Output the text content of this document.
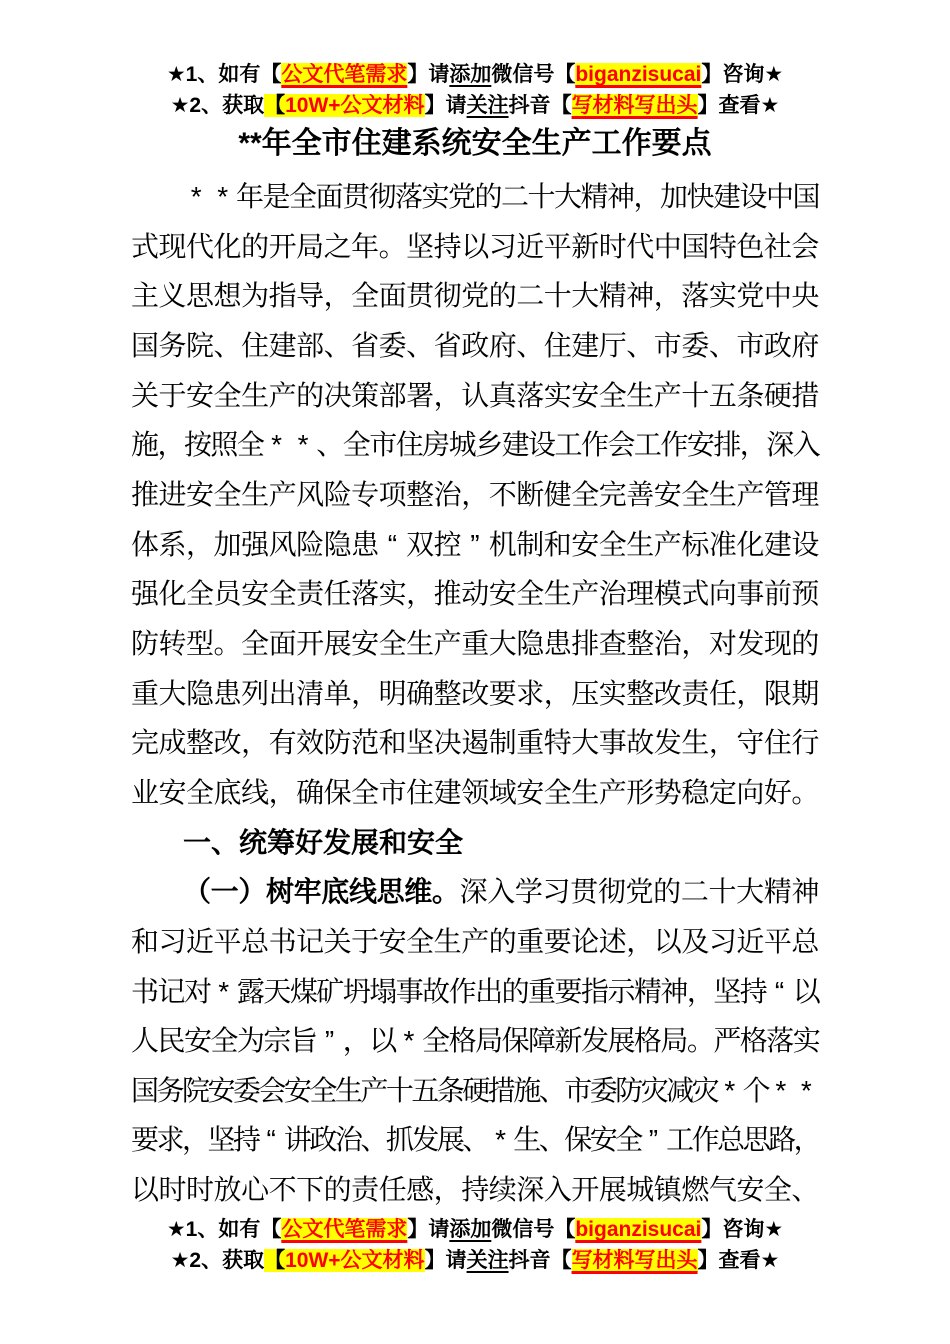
★1、如有【公文代笔需求】请添加微信号【biganzisucai】咨询★
★2、获取【10W+公文材料】请关注抖音【写材料写出头】查看★
**年全市住建系统安全生产工作要点
* * 年
是
全
面
贯
彻
落
实
党
的
二
十
大
精
神
，
加
快
建
设
中
国
式 现 代 化 的 开 局 之 年 。 坚 持 以 习 近 平 新 时 代 中 国 特 色 社 会
主 义 思 想 为 指 导 ， 全 面 贯 彻 党 的 二 十 大 精 神 ， 落 实 党 中 央
国 务 院 、 住 建 部 、 省 委 、 省 政 府 、 住 建 厅 、 市 委 、 市 政 府
关 于 安 全 生 产 的 决 策 部 署 ， 认 真 落 实 安 全 生 产 十 五 条 硬 措
施
，
按
照
全 * * 、
全
市
住
房
城
乡
建
设
工
作
会
工
作
安
排
，
深
入
推 进 安 全 生 产 风 险 专 项 整 治 ， 不 断 健 全 完 善 安 全 生 产 管 理
体 系 ， 加 强 风 险 隐 患 “ 双 控 ” 机 制 和 安 全 生 产 标 准 化 建 设
强 化 全 员 安 全 责 任 落 实 ， 推 动 安 全 生 产 治 理 模 式 向 事 前 预
防 转 型 。 全 面 开 展 安 全 生 产 重 大 隐 患 排 查 整 治 ， 对 发 现 的
重 大 隐 患 列 出 清 单 ， 明 确 整 改 要 求 ， 压 实 整 改 责 任 ， 限 期
完 成 整 改 ， 有 效 防 范 和 坚 决 遏 制 重 特 大 事 故 发 生 ， 守 住 行
业 安 全 底 线 ， 确 保 全 市 住 建 领 域 安 全 生 产 形 势 稳 定 向 好 。
一、统筹好发展和安全
（ 一 ） 树 牢 底 线 思 维 。 深 入 学 习 贯 彻 党 的 二 十 大 精 神
和 习 近 平 总 书 记 关 于 安 全 生 产 的 重 要 论 述 ， 以 及 习 近 平 总
书
记
对 * 露
天
煤
矿
坍
塌
事
故
作
出
的
重
要
指
示
精
神
，
坚
持 “ 以
人
民
安
全
为
宗
旨 ” ，
以 * 全
格
局
保
障
新
发
展
格
局
。
严
格
落
实
国
务
院
安
委
会
安
全
生
产
十
五
条
硬
措
施
、
市
委
防
灾
减
灾 * 个 * *
要
求
，
坚
持 “ 讲
政
治
、
抓
发
展
、 * 生
、
保
安
全 ” 工
作
总
思
路
，
以 时 时 放 心 不 下 的 责 任 感 ， 持 续 深 入 开 展 城 镇 燃 气 安 全 、
★1、如有【公文代笔需求】请添加微信号【biganzisucai】咨询★
★2、获取【10W+公文材料】请关注抖音【写材料写出头】查看★
